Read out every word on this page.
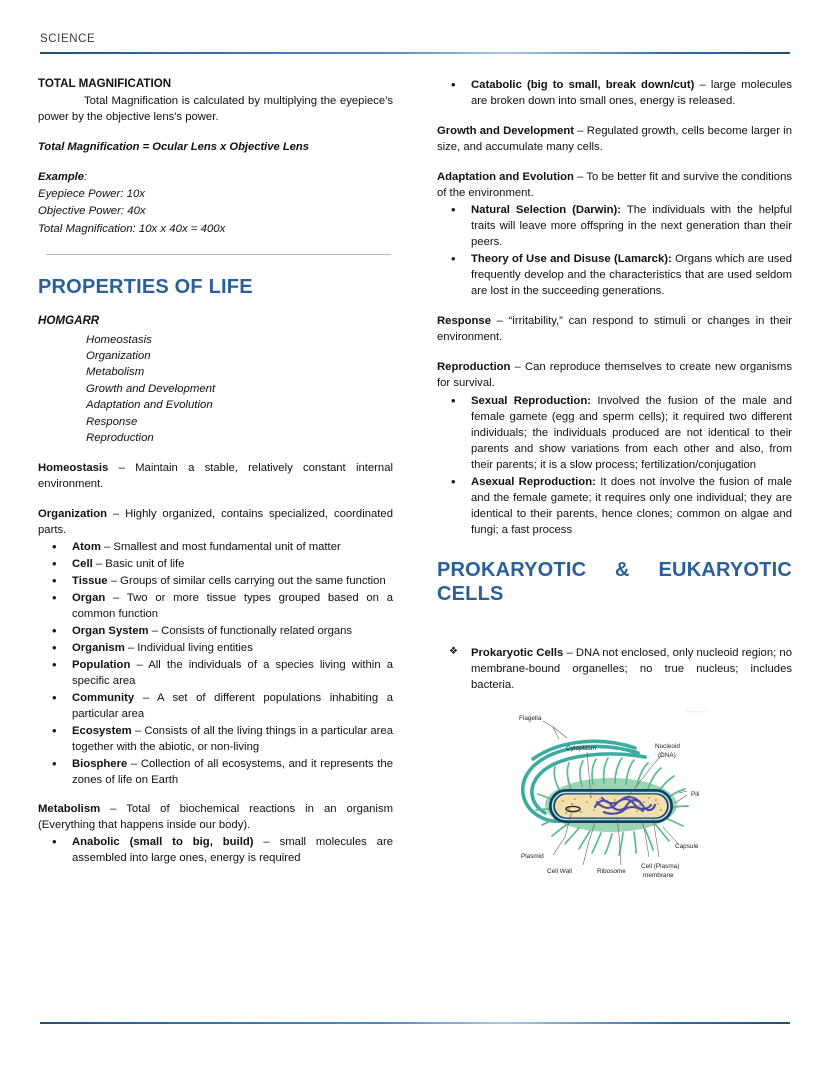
SCIENCE
TOTAL MAGNIFICATION

Total Magnification is calculated by multiplying the eyepiece's power by the objective lens's power.

Total Magnification = Ocular Lens x Objective Lens

Example:

Eyepiece Power: 10x

Objective Power: 40x

Total Magnification: 10x x 40x = 400x

PROPERTIES OF LIFE
HOMGARR
Homeostasis
Organization
Metabolism
Growth and Development
Adaptation and Evolution
Response
Reproduction

Homeostasis – Maintain a stable, relatively constant internal environment.

Organization – Highly organized, contains specialized, coordinated parts.

• Atom – Smallest and most fundamental unit of matter
• Cell – Basic unit of life
• Tissue – Groups of similar cells carrying out the same function
• Organ – Two or more tissue types grouped based on a common function
• Organ System – Consists of functionally related organs
• Organism – Individual living entities
• Population – All the individuals of a species living within a specific area
• Community – A set of different populations inhabiting a particular area
• Ecosystem – Consists of all the living things in a particular area together with the abiotic, or non-living
• Biosphere – Collection of all ecosystems, and it represents the zones of life on Earth

Metabolism – Total of biochemical reactions in an organism (Everything that happens inside our body).

• Anabolic (small to big, build) – small molecules are assembled into large ones, energy is required
• Catabolic (big to small, break down/cut) – large molecules are broken down into small ones, energy is released.

Growth and Development – Regulated growth, cells become larger in size, and accumulate many cells.

Adaptation and Evolution – To be better fit and survive the conditions of the environment.

• Natural Selection (Darwin): The individuals with the helpful traits will leave more offspring in the next generation than their peers.
• Theory of Use and Disuse (Lamarck): Organs which are used frequently develop and the characteristics that are used seldom are lost in the succeeding generations.

Response – “irritability,” can respond to stimuli or changes in their environment.

Reproduction – Can reproduce themselves to create new organisms for survival.

• Sexual Reproduction: Involved the fusion of the male and female gamete (egg and sperm cells); it required two different individuals; the individuals produced are not identical to their parents and show variations from each other and also, from their parents; it is a slow process; fertilization/conjugation
• Asexual Reproduction: It does not involve the fusion of male and the female gamete; it requires only one individual; they are identical to their parents, hence clones; common on algae and fungi; a fast process
PROKARYOTIC & EUKARYOTIC CELLS
❖ Prokaryotic Cells – DNA not enclosed, only nucleoid region; no membrane-bound organelles; no true nucleus; includes bacteria.
Flagella
Cytoplasm	Nucleoid
(DNA)
Pili
Capsule
Plasmid
Cell Wall	Ribosome
Cell (Plasma)
membrane
▪————
